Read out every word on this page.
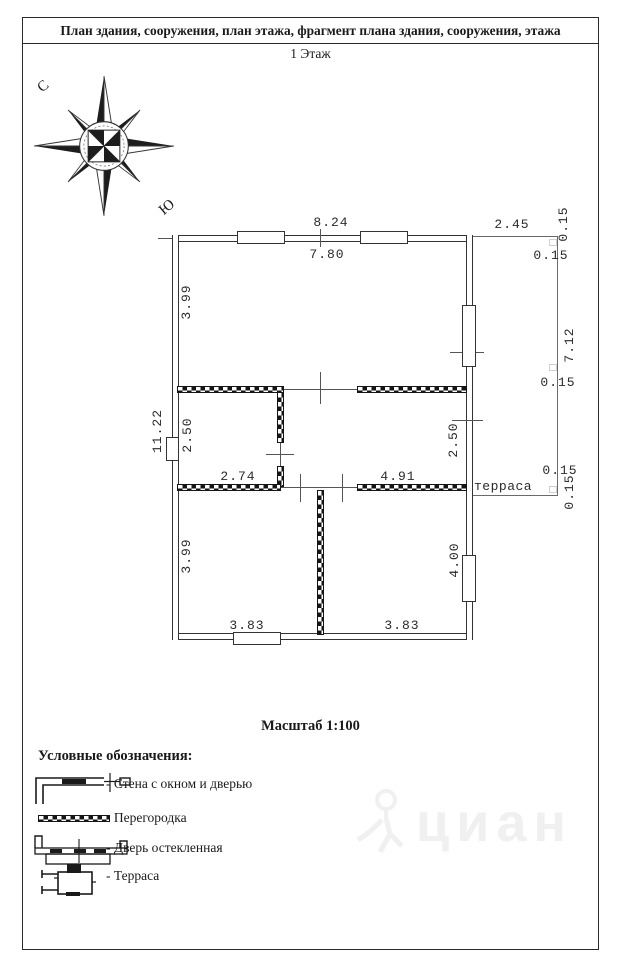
План здания, сооружения, план этажа, фрагмент плана здания, сооружения, этажа
1 Этаж
С
Ю
8.24	2.45	0.15
7.80	0.15
3.99
7.12
11.22 2.50	2.50
0.15
2.74	4.91	0.15
0.15
3.99	4.00
3.83	3.83
терраса
Масштаб 1:100
Условные обозначения:
- Стена с окном и дверью
- Перегородка
- Дверь остекленная
- Терраса
циан
